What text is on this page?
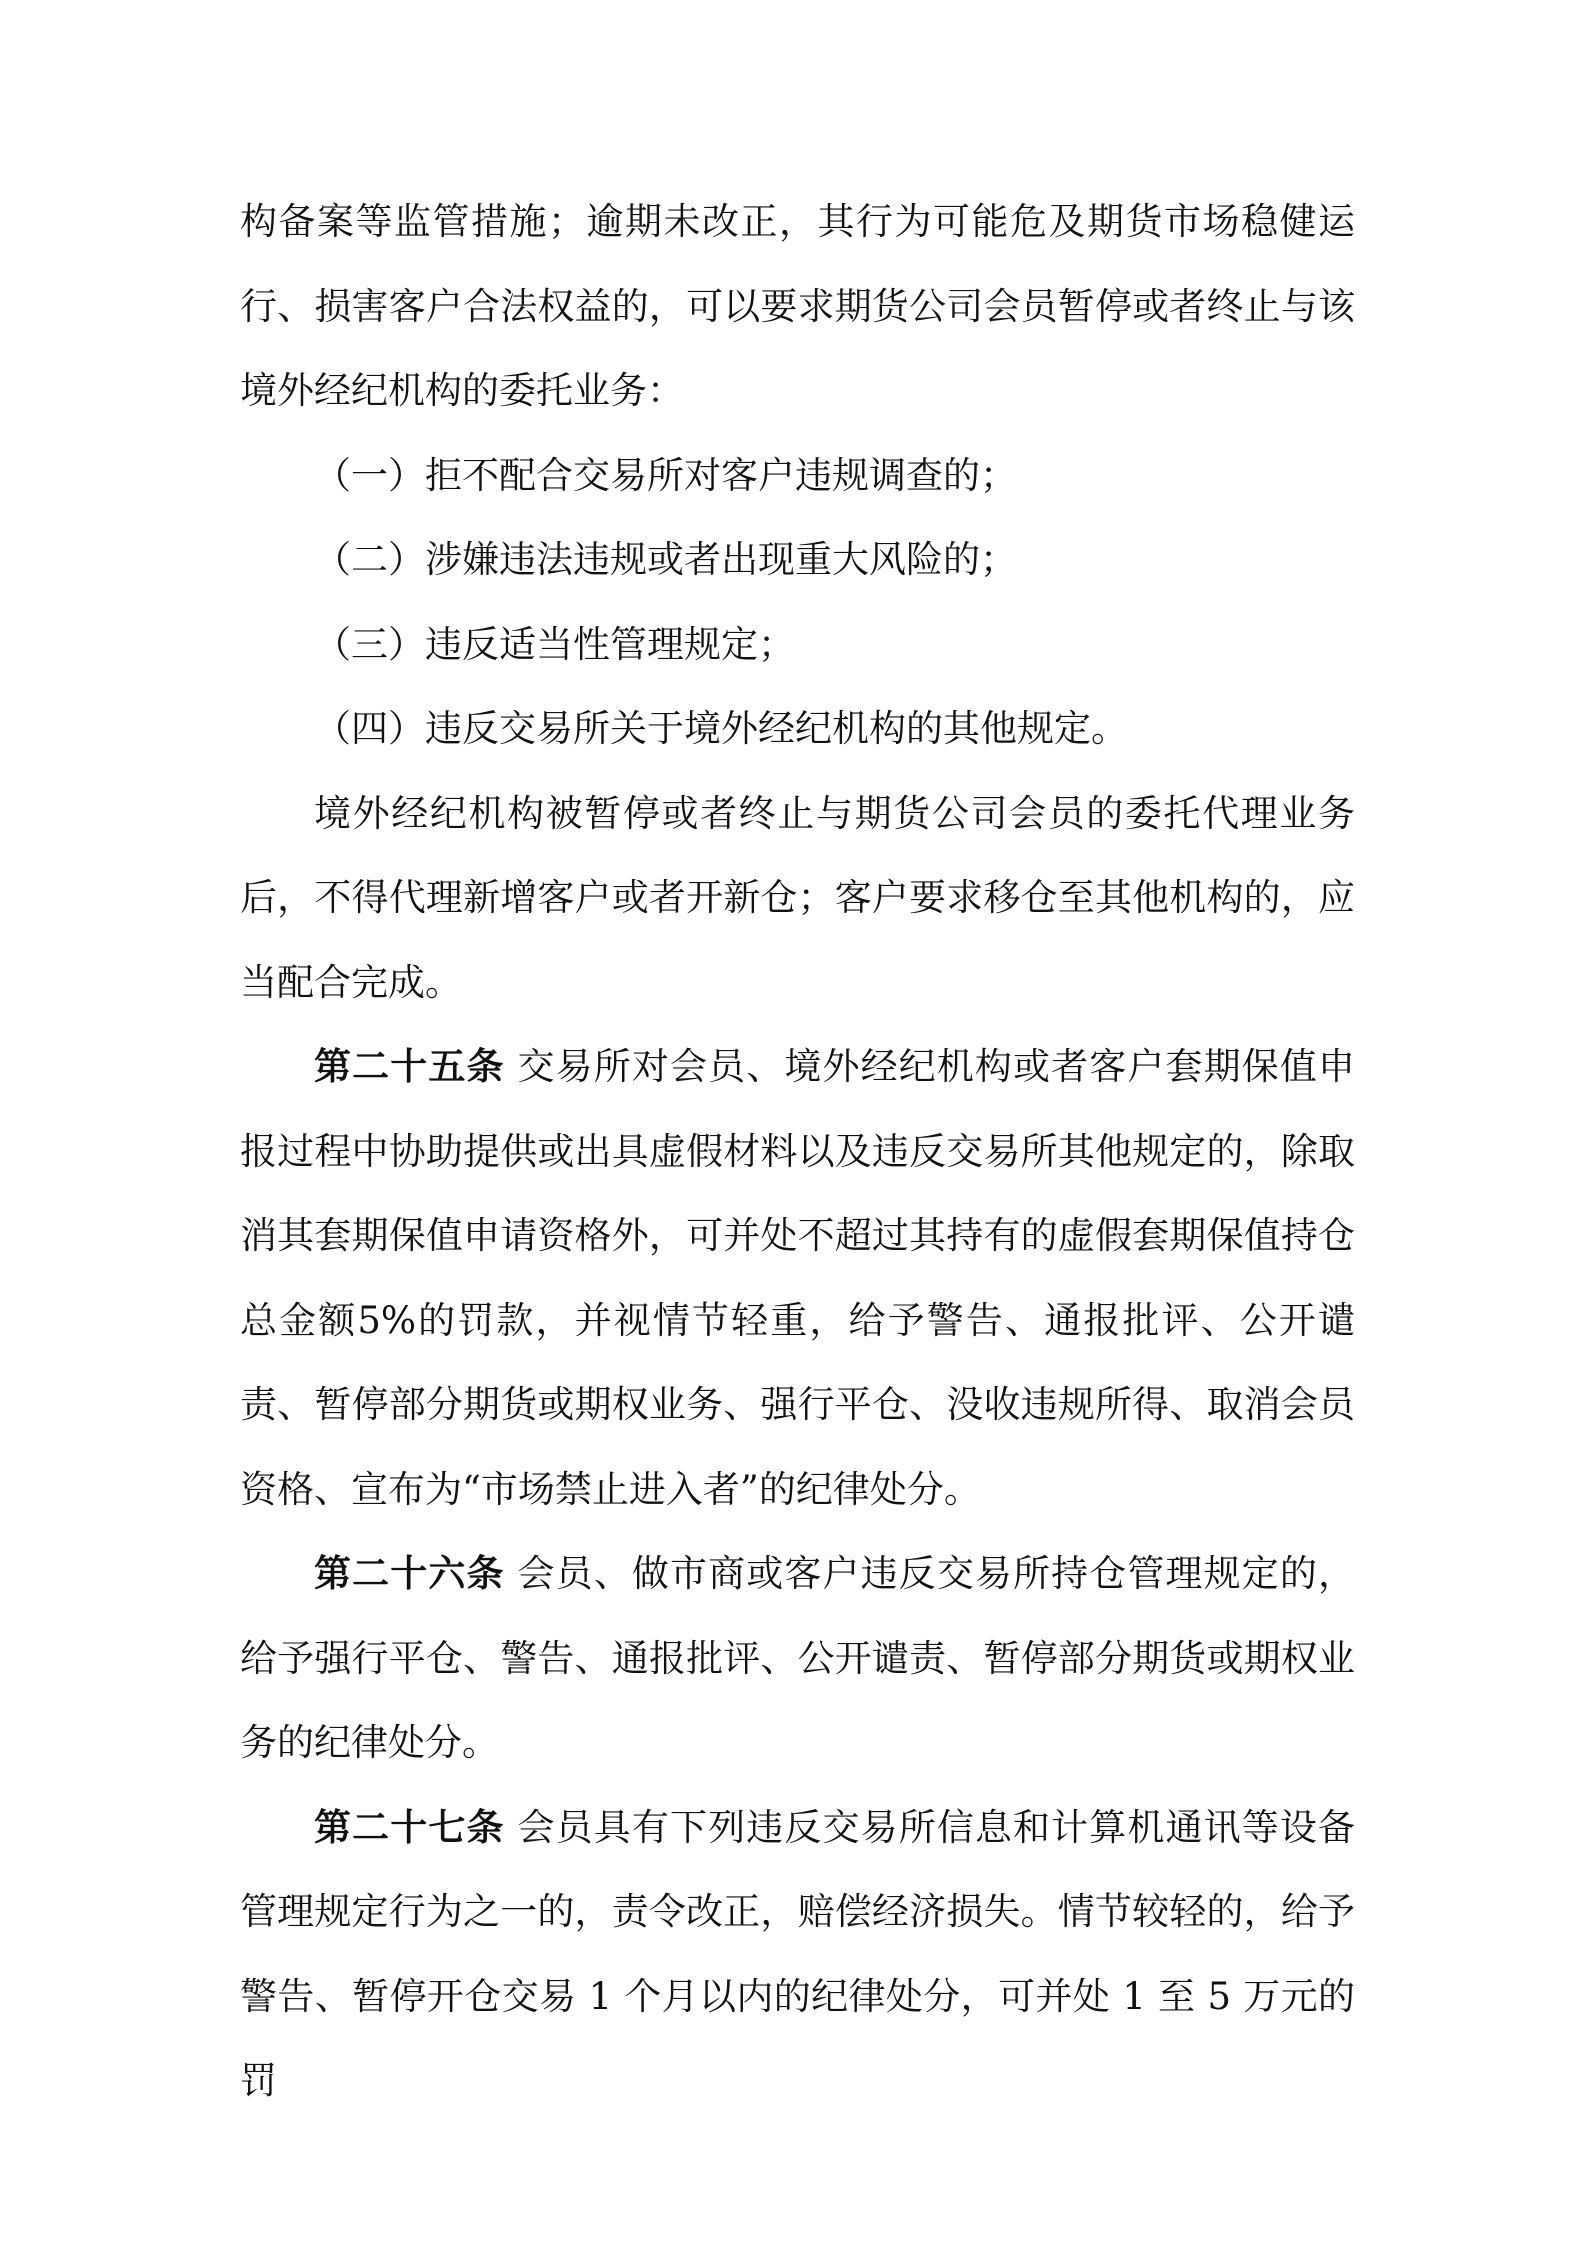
构备案等监管措施；逾期未改正，其行为可能危及期货市场稳健运行、损害客户合法权益的，可以要求期货公司会员暂停或者终止与该境外经纪机构的委托业务：

（一）拒不配合交易所对客户违规调查的；

（二）涉嫌违法违规或者出现重大风险的；

（三）违反适当性管理规定；

（四）违反交易所关于境外经纪机构的其他规定。

境外经纪机构被暂停或者终止与期货公司会员的委托代理业务后，不得代理新增客户或者开新仓；客户要求移仓至其他机构的，应当配合完成。

第二十五条 交易所对会员、境外经纪机构或者客户套期保值申报过程中协助提供或出具虚假材料以及违反交易所其他规定的，除取消其套期保值申请资格外，可并处不超过其持有的虚假套期保值持仓总金额5%的罚款，并视情节轻重，给予警告、通报批评、公开谴责、暂停部分期货或期权业务、强行平仓、没收违规所得、取消会员资格、宣布为“市场禁止进入者”的纪律处分。

第二十六条 会员、做市商或客户违反交易所持仓管理规定的，给予强行平仓、警告、通报批评、公开谴责、暂停部分期货或期权业务的纪律处分。

第二十七条 会员具有下列违反交易所信息和计算机通讯等设备管理规定行为之一的，责令改正，赔偿经济损失。情节较轻的，给予警告、暂停开仓交易 1 个月以内的纪律处分，可并处 1 至 5 万元的罚
